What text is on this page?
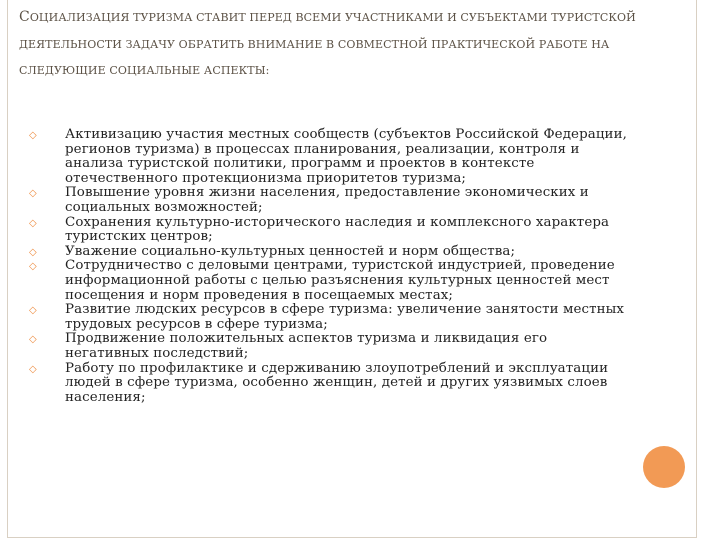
СОЦИАЛИЗАЦИЯ ТУРИЗМА СТАВИТ ПЕРЕД ВСЕМИ УЧАСТНИКАМИ И СУБЪЕКТАМИ ТУРИСТСКОЙ ДЕЯТЕЛЬНОСТИ ЗАДАЧУ ОБРАТИТЬ ВНИМАНИЕ В СОВМЕСТНОЙ ПРАКТИЧЕСКОЙ РАБОТЕ НА СЛЕДУЮЩИЕ СОЦИАЛЬНЫЕ АСПЕКТЫ:
◇ Активизацию участия местных сообществ (субъектов Российской Федерации, регионов туризма) в процессах планирования, реализации, контроля и анализа туристской политики, программ и проектов в контексте отечественного протекционизма приоритетов туризма;
◇ Повышение уровня жизни населения, предоставление экономических и социальных возможностей;
◇ Сохранения культурно-исторического наследия и комплексного характера туристских центров;
◇ Уважение социально-культурных ценностей и норм общества;
◇ Сотрудничество с деловыми центрами, туристской индустрией, проведение информационной работы с целью разъяснения культурных ценностей мест посещения и норм проведения в посещаемых местах;
◇ Развитие людских ресурсов в сфере туризма: увеличение занятости местных трудовых ресурсов в сфере туризма;
◇ Продвижение положительных аспектов туризма и ликвидация его негативных последствий;
◇ Работу по профилактике и сдерживанию злоупотреблений и эксплуатации людей в сфере туризма, особенно женщин, детей и других уязвимых слоев населения;
